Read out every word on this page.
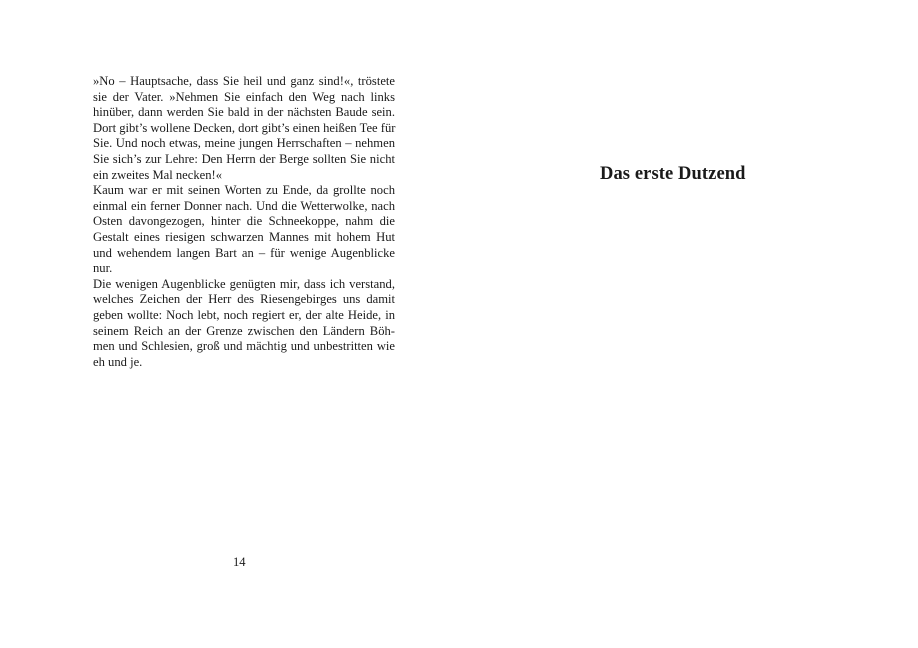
»No – Hauptsache, dass Sie heil und ganz sind!«, tröstete
sie der Vater. »Nehmen Sie einfach den Weg nach links
hinüber, dann werden Sie bald in der nächsten Baude sein.
Dort gibt’s wollene Decken, dort gibt’s einen heißen Tee für
Sie. Und noch etwas, meine jungen Herrschaften – nehmen
Sie sich’s zur Lehre: Den Herrn der Berge sollten Sie nicht
ein zweites Mal necken!«

Kaum war er mit seinen Worten zu Ende, da grollte noch
einmal ein ferner Donner nach. Und die Wetterwolke, nach
Osten davongezogen, hinter die Schneekoppe, nahm die
Gestalt eines riesigen schwarzen Mannes mit hohem Hut
und wehendem langen Bart an – für wenige Augenblicke
nur.

Die wenigen Augenblicke genügten mir, dass ich verstand,
welches Zeichen der Herr des Riesengebirges uns damit
geben wollte: Noch lebt, noch regiert er, der alte Heide, in
seinem Reich an der Grenze zwischen den Ländern Böh-
men und Schlesien, groß und mächtig und unbestritten wie
eh und je.

14
Das erste Dutzend
